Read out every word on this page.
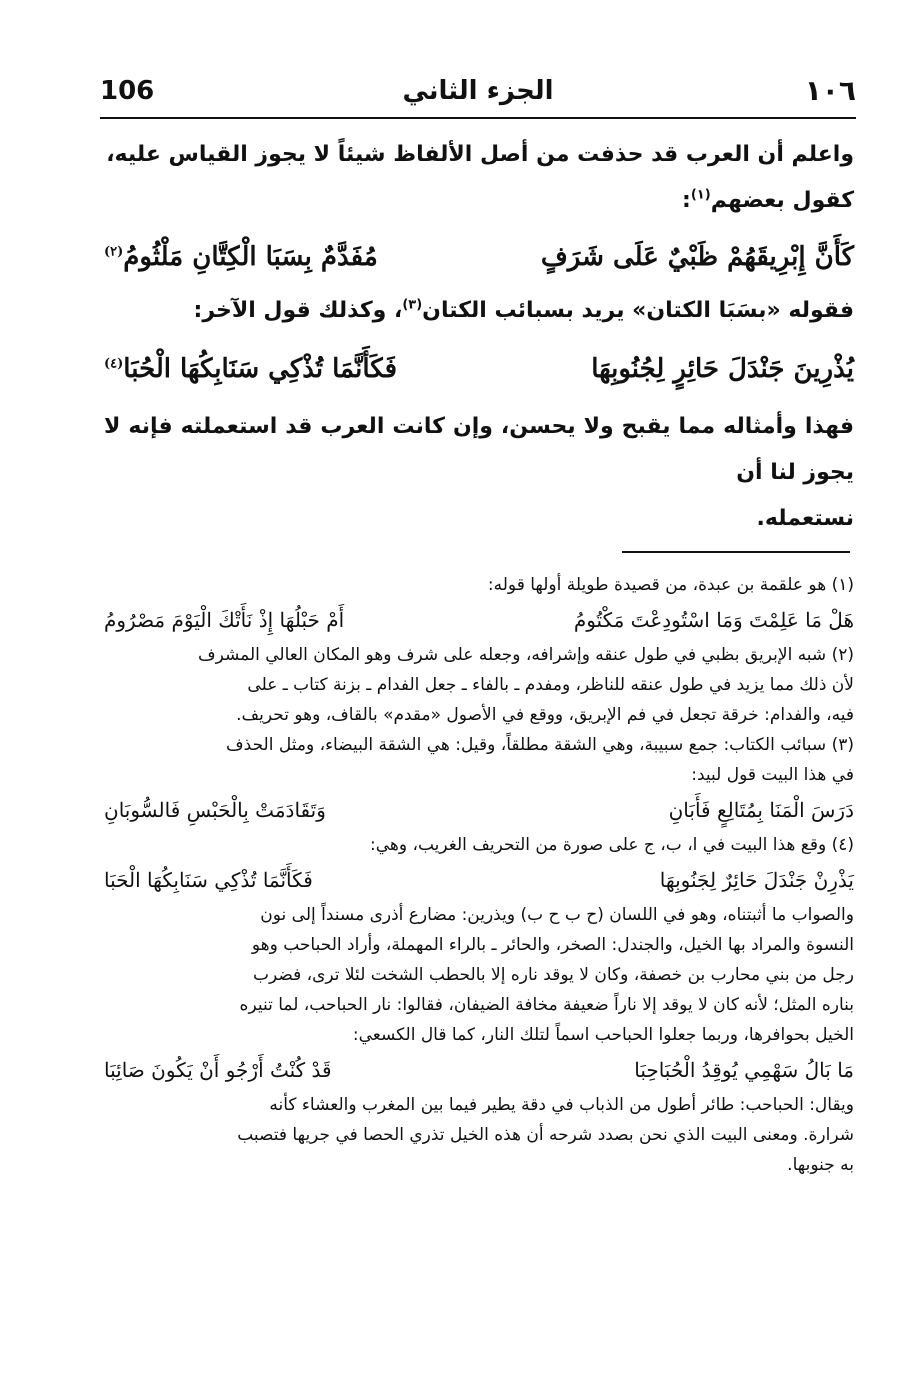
106	الجزء الثاني	١٠٦

واعلم أن العرب قد حذفت من أصل الألفاظ شيئاً لا يجوز القياس عليه،
كقول بعضهم$^{(١)}$:

كَأَنَّ إِبْرِيقَهُمْ ظَبْيٌ عَلَى شَرَفٍ
مُفَدَّمٌ بِسَبَا الْكِتَّانِ مَلْثُومُ$^{(٢)}$

فقوله «بسَبَا الكتان» يريد بسبائب الكتان$^{(٣)}$، وكذلك قول الآخر:

يُذْرِينَ جَنْدَلَ حَائِرٍ لِجُنُوبِهَا
فَكَأَنَّمَا تُذْكِي سَنَابِكُهَا الْحُبَا$^{(٤)}$

فهذا وأمثاله مما يقبح ولا يحسن، وإن كانت العرب قد استعملته فإنه لا يجوز لنا أن
نستعمله.

(١) هو علقمة بن عبدة، من قصيدة طويلة أولها قوله:

هَلْ مَا عَلِمْتَ وَمَا اسْتُودِعْتَ مَكْتُومُ
أَمْ حَبْلُهَا إِذْ نَأَتْكَ الْيَوْمَ مَصْرُومُ

(٢) شبه الإبريق بظبي في طول عنقه وإشرافه، وجعله على شرف وهو المكان العالي المشرف

لأن ذلك مما يزيد في طول عنقه للناظر، ومفدم ـ بالفاء ـ جعل الفدام ـ بزنة كتاب ـ على

فيه، والفدام: خرقة تجعل في فم الإبريق، ووقع في الأصول «مقدم» بالقاف، وهو تحريف.

(٣) سبائب الكتاب: جمع سبيبة، وهي الشقة مطلقاً، وقيل: هي الشقة البيضاء، ومثل الحذف

في هذا البيت قول لبيد:

دَرَسَ الْمَنَا بِمُتَالِعٍ فَأَبَانِ
وَتَقَادَمَتْ بِالْحَبْسِ فَالسُّوبَانِ

(٤) وقع هذا البيت في ا، ب، ج على صورة من التحريف الغريب، وهي:

يَذْرِنْ جَنْدَلَ حَائِرٌ لِجَنُوبِهَا
فَكَأَنَّمَا تُذْكِي سَنَابِكُهَا الْحَبَا

والصواب ما أثبتناه، وهو في اللسان (ح ب ح ب) ويذرين: مضارع أذرى مسنداً إلى نون

النسوة والمراد بها الخيل، والجندل: الصخر، والحائر ـ بالراء المهملة، وأراد الحباحب وهو

رجل من بني محارب بن خصفة، وكان لا يوقد ناره إلا بالحطب الشخت لئلا ترى، فضرب

بناره المثل؛ لأنه كان لا يوقد إلا ناراً ضعيفة مخافة الضيفان، فقالوا: نار الحباحب، لما تنيره

الخيل بحوافرها، وربما جعلوا الحباحب اسماً لتلك النار، كما قال الكسعي:

مَا بَالُ سَهْمِي يُوقِدُ الْحُبَاحِبَا
قَدْ كُنْتُ أَرْجُو أَنْ يَكُونَ صَائِبَا

ويقال: الحباحب: طائر أطول من الذباب في دقة يطير فيما بين المغرب والعشاء كأنه

شرارة. ومعنى البيت الذي نحن بصدد شرحه أن هذه الخيل تذري الحصا في جريها فتصبب

به جنوبها.
